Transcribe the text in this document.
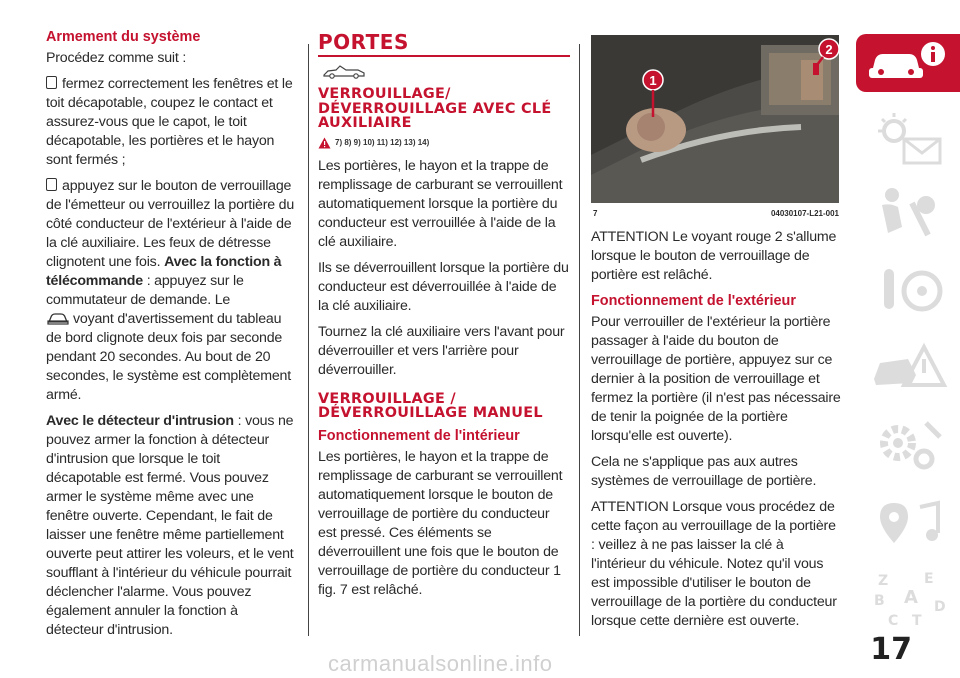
Armement du système

Procédez comme suit :

fermez correctement les fenêtres et le toit décapotable, coupez le contact et assurez-vous que le capot, le toit décapotable, les portières et le hayon sont fermés ;

appuyez sur le bouton de verrouillage de l'émetteur ou verrouillez la portière du côté conducteur de l'extérieur à l'aide de la clé auxiliaire. Les feux de détresse clignotent une fois. Avec la fonction à télécommande : appuyez sur le commutateur de demande. Le
voyant d'avertissement du tableau de bord clignote deux fois par seconde pendant 20 secondes. Au bout de 20 secondes, le système est complètement armé.

Avec le détecteur d'intrusion : vous ne pouvez armer la fonction à détecteur d'intrusion que lorsque le toit décapotable est fermé. Vous pouvez armer le système même avec une fenêtre ouverte. Cependant, le fait de laisser une fenêtre même partiellement ouverte peut attirer les voleurs, et le vent soufflant à l'intérieur du véhicule pourrait déclencher l'alarme. Vous pouvez également annuler la fonction à détecteur d'intrusion.

PORTES
VERROUILLAGE/ DÉVERROUILLAGE AVEC CLÉ AUXILIAIRE
7) 8) 9) 10) 11) 12) 13) 14)

Les portières, le hayon et la trappe de remplissage de carburant se verrouillent automatiquement lorsque la portière du conducteur est verrouillée à l'aide de la clé auxiliaire.

Ils se déverrouillent lorsque la portière du conducteur est déverrouillée à l'aide de la clé auxiliaire.

Tournez la clé auxiliaire vers l'avant pour déverrouiller et vers l'arrière pour déverrouiller.

VERROUILLAGE / DÉVERROUILLAGE MANUEL
Fonctionnement de l'intérieur

Les portières, le hayon et la trappe de remplissage de carburant se verrouillent automatiquement lorsque le bouton de verrouillage de portière du conducteur est pressé. Ces éléments se déverrouillent une fois que le bouton de verrouillage de portière du conducteur 1 fig. 7 est relâché.

1
2
7	04030107-L21-001

ATTENTION Le voyant rouge 2 s'allume lorsque le bouton de verrouillage de portière est relâché.

Fonctionnement de l'extérieur

Pour verrouiller de l'extérieur la portière passager à l'aide du bouton de verrouillage de portière, appuyez sur ce dernier à la position de verrouillage et fermez la portière (il n'est pas nécessaire de tenir la poignée de la portière lorsqu'elle est ouverte).

Cela ne s'applique pas aux autres systèmes de verrouillage de portière.

ATTENTION Lorsque vous procédez de cette façon au verrouillage de la portière : veillez à ne pas laisser la clé à l'intérieur du véhicule. Notez qu'il vous est impossible d'utiliser le bouton de verrouillage de la portière du conducteur lorsque cette dernière est ouverte.

Z	E
B A D
C T
17
carmanualsonline.info
